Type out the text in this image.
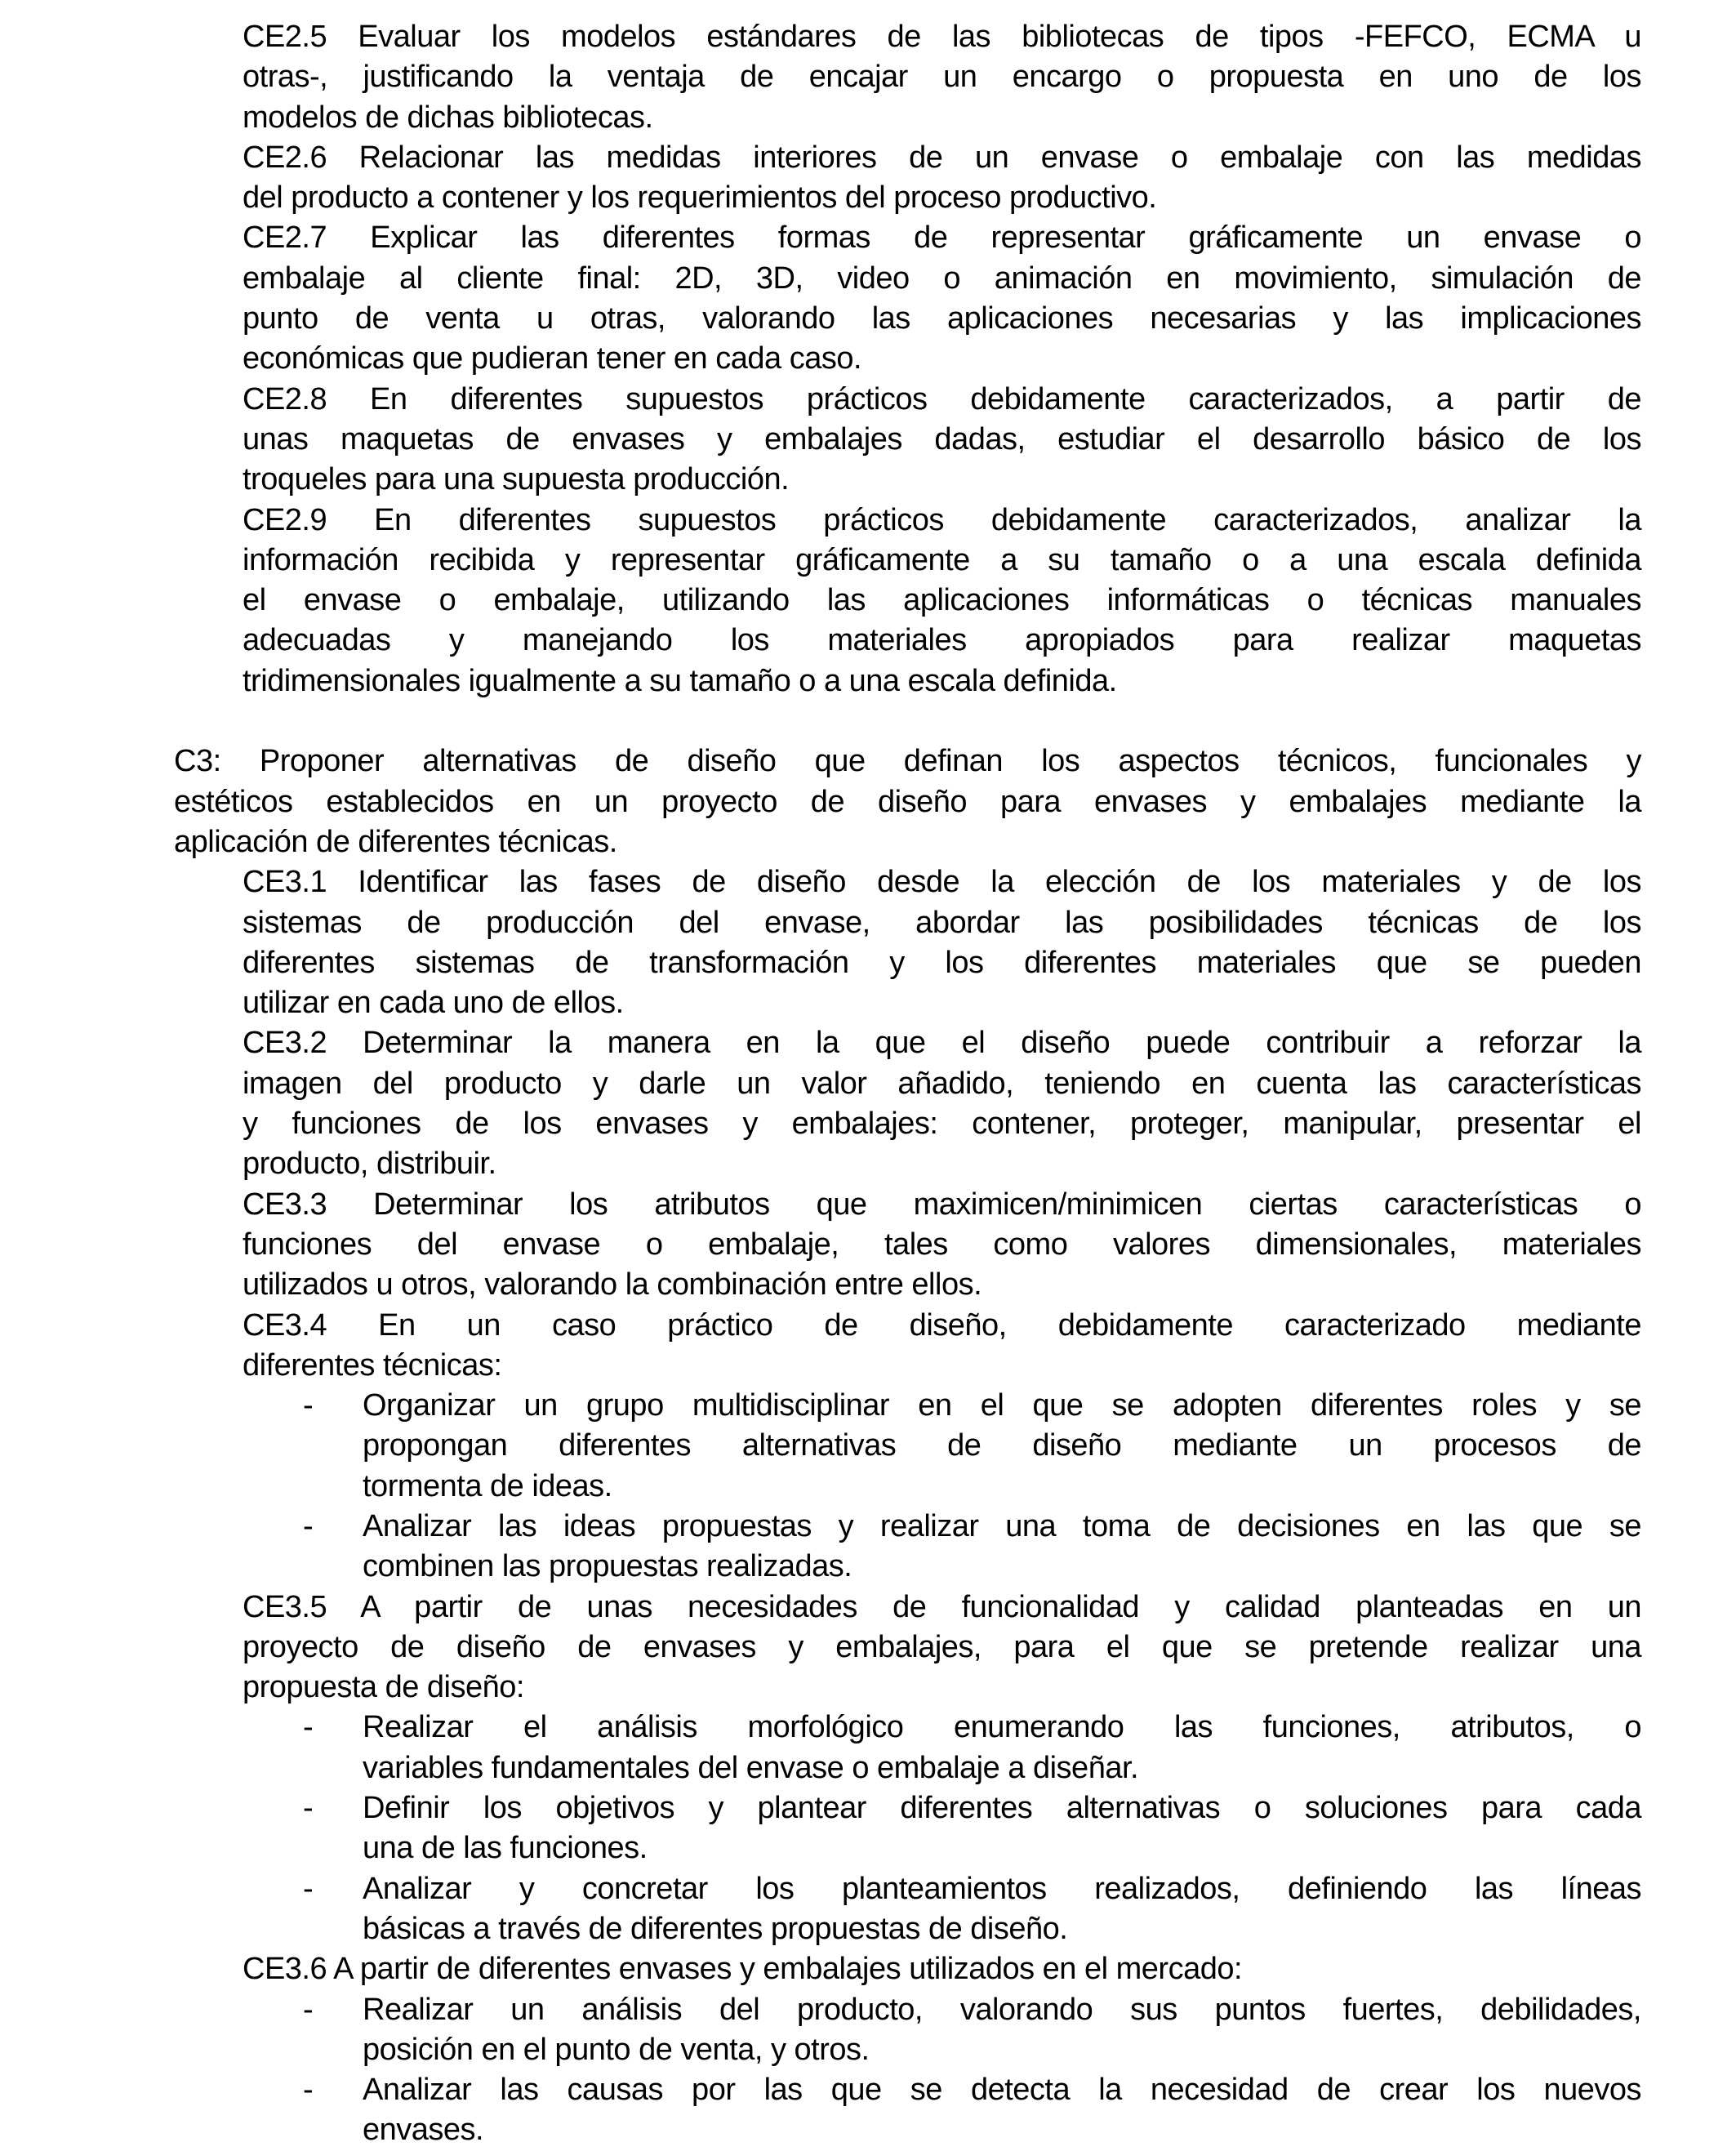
CE2.5 Evaluar los modelos estándares de las bibliotecas de tipos -FEFCO, ECMA u
otras-, justificando la ventaja de encajar un encargo o propuesta en uno de los
modelos de dichas bibliotecas.
CE2.6 Relacionar las medidas interiores de un envase o embalaje con las medidas
del producto a contener y los requerimientos del proceso productivo.
CE2.7 Explicar las diferentes formas de representar gráficamente un envase o
embalaje al cliente final: 2D, 3D, video o animación en movimiento, simulación de
punto de venta u otras, valorando las aplicaciones necesarias y las implicaciones
económicas que pudieran tener en cada caso.
CE2.8 En diferentes supuestos prácticos debidamente caracterizados, a partir de
unas maquetas de envases y embalajes dadas, estudiar el desarrollo básico de los
troqueles para una supuesta producción.
CE2.9 En diferentes supuestos prácticos debidamente caracterizados, analizar la
información recibida y representar gráficamente a su tamaño o a una escala definida
el envase o embalaje, utilizando las aplicaciones informáticas o técnicas manuales
adecuadas y manejando los materiales apropiados para realizar maquetas
tridimensionales igualmente a su tamaño o a una escala definida.
C3: Proponer alternativas de diseño que definan los aspectos técnicos, funcionales y
estéticos establecidos en un proyecto de diseño para envases y embalajes mediante la
aplicación de diferentes técnicas.
CE3.1 Identificar las fases de diseño desde la elección de los materiales y de los
sistemas de producción del envase, abordar las posibilidades técnicas de los
diferentes sistemas de transformación y los diferentes materiales que se pueden
utilizar en cada uno de ellos.
CE3.2 Determinar la manera en la que el diseño puede contribuir a reforzar la
imagen del producto y darle un valor añadido, teniendo en cuenta las características
y funciones de los envases y embalajes: contener, proteger, manipular, presentar el
producto, distribuir.
CE3.3 Determinar los atributos que maximicen/minimicen ciertas características o
funciones del envase o embalaje, tales como valores dimensionales, materiales
utilizados u otros, valorando la combinación entre ellos.
CE3.4 En un caso práctico de diseño, debidamente caracterizado mediante
diferentes técnicas:
-	Organizar un grupo multidisciplinar en el que se adopten diferentes roles y se
propongan diferentes alternativas de diseño mediante un procesos de
tormenta de ideas.
-	Analizar las ideas propuestas y realizar una toma de decisiones en las que se
combinen las propuestas realizadas.
CE3.5 A partir de unas necesidades de funcionalidad y calidad planteadas en un
proyecto de diseño de envases y embalajes, para el que se pretende realizar una
propuesta de diseño:
-	Realizar el análisis morfológico enumerando las funciones, atributos, o
variables fundamentales del envase o embalaje a diseñar.
-	Definir los objetivos y plantear diferentes alternativas o soluciones para cada
una de las funciones.
-	Analizar y concretar los planteamientos realizados, definiendo las líneas
básicas a través de diferentes propuestas de diseño.
CE3.6 A partir de diferentes envases y embalajes utilizados en el mercado:
-	Realizar un análisis del producto, valorando sus puntos fuertes, debilidades,
posición en el punto de venta, y otros.
-	Analizar las causas por las que se detecta la necesidad de crear los nuevos
envases.
